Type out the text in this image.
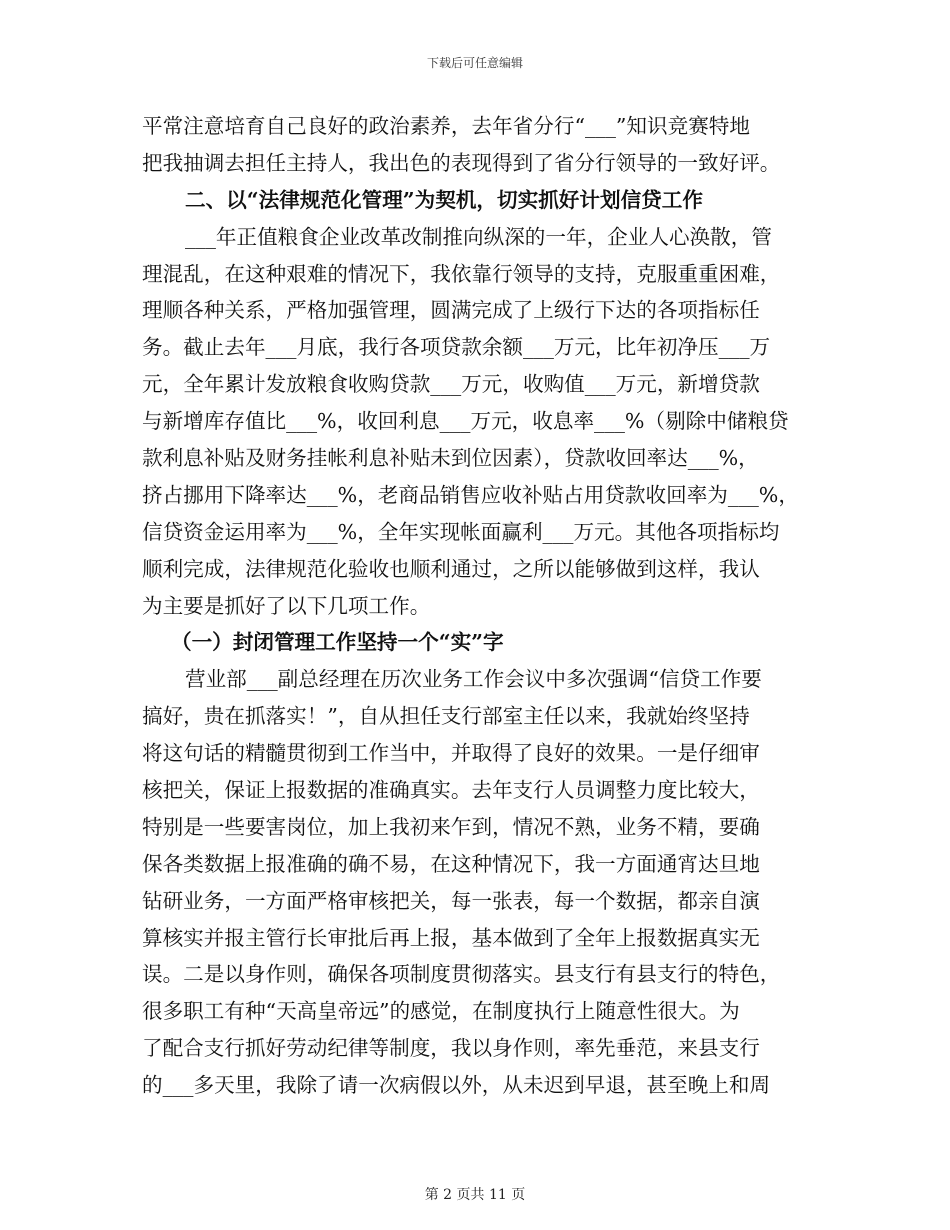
下载后可任意编辑
平常注意培育自己良好的政治素养，去年省分行“___”知识竞赛特地
把我抽调去担任主持人，我出色的表现得到了省分行领导的一致好评。
二、以“法律规范化管理”为契机，切实抓好计划信贷工作
___年正值粮食企业改革改制推向纵深的一年，企业人心涣散，管
理混乱，在这种艰难的情况下，我依靠行领导的支持，克服重重困难，
理顺各种关系，严格加强管理，圆满完成了上级行下达的各项指标任
务。截止去年___月底，我行各项贷款余额___万元，比年初净压___万
元，全年累计发放粮食收购贷款___万元，收购值___万元，新增贷款
与新增库存值比___%，收回利息___万元，收息率___%（剔除中储粮贷
款利息补贴及财务挂帐利息补贴未到位因素），贷款收回率达___%，
挤占挪用下降率达___%，老商品销售应收补贴占用贷款收回率为___%，
信贷资金运用率为___%，全年实现帐面赢利___万元。其他各项指标均
顺利完成，法律规范化验收也顺利通过，之所以能够做到这样，我认
为主要是抓好了以下几项工作。
（一）封闭管理工作坚持一个“实”字
营业部___副总经理在历次业务工作会议中多次强调“信贷工作要
搞好，贵在抓落实！”，自从担任支行部室主任以来，我就始终坚持
将这句话的精髓贯彻到工作当中，并取得了良好的效果。一是仔细审
核把关，保证上报数据的准确真实。去年支行人员调整力度比较大，
特别是一些要害岗位，加上我初来乍到，情况不熟，业务不精，要确
保各类数据上报准确的确不易，在这种情况下，我一方面通宵达旦地
钻研业务，一方面严格审核把关，每一张表，每一个数据，都亲自演
算核实并报主管行长审批后再上报，基本做到了全年上报数据真实无
误。二是以身作则，确保各项制度贯彻落实。县支行有县支行的特色，
很多职工有种“天高皇帝远”的感觉，在制度执行上随意性很大。为
了配合支行抓好劳动纪律等制度，我以身作则，率先垂范，来县支行
的___多天里，我除了请一次病假以外，从未迟到早退，甚至晚上和周
第 2 页共 11 页
